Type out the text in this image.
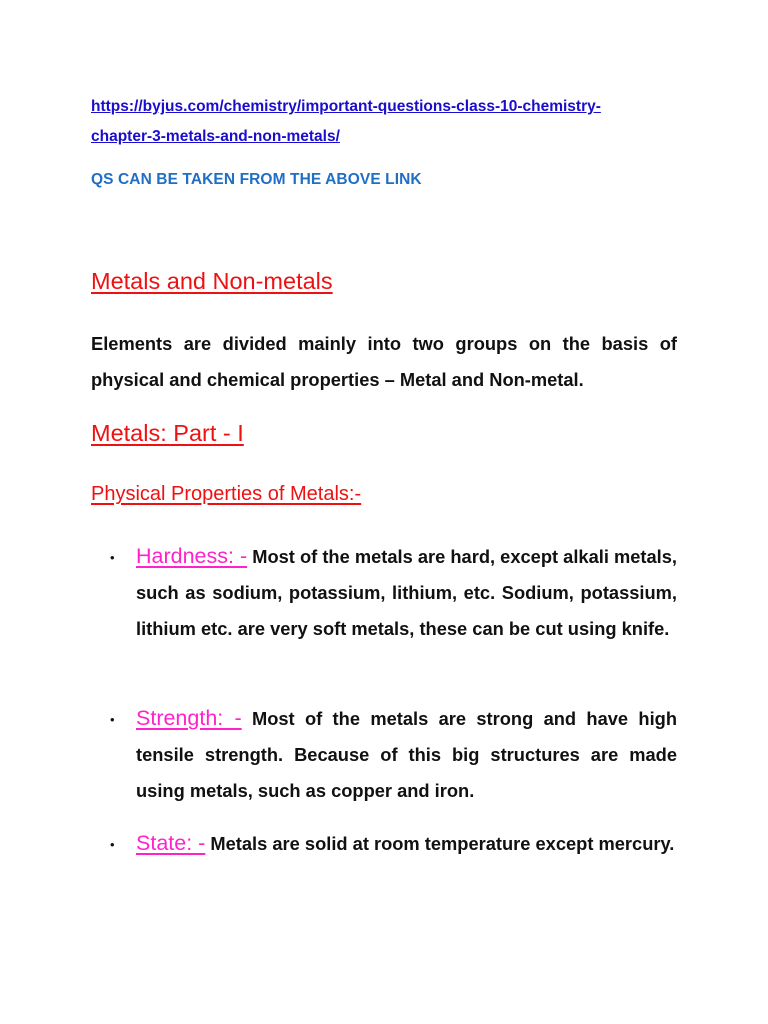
https://byjus.com/chemistry/important-questions-class-10-chemistry-
chapter-3-metals-and-non-metals/
QS CAN BE TAKEN FROM THE ABOVE LINK
Metals and Non-metals

Elements are divided mainly into two groups on the basis of physical and chemical properties – Metal and Non-metal.

Metals: Part - I
Physical Properties of Metals:-
• Hardness: - Most of the metals are hard, except alkali metals, such as sodium, potassium, lithium, etc. Sodium, potassium, lithium etc. are very soft metals, these can be cut using knife.

• Strength: - Most of the metals are strong and have high tensile strength. Because of this big structures are made using metals, such as copper and iron.

• State: - Metals are solid at room temperature except mercury.
